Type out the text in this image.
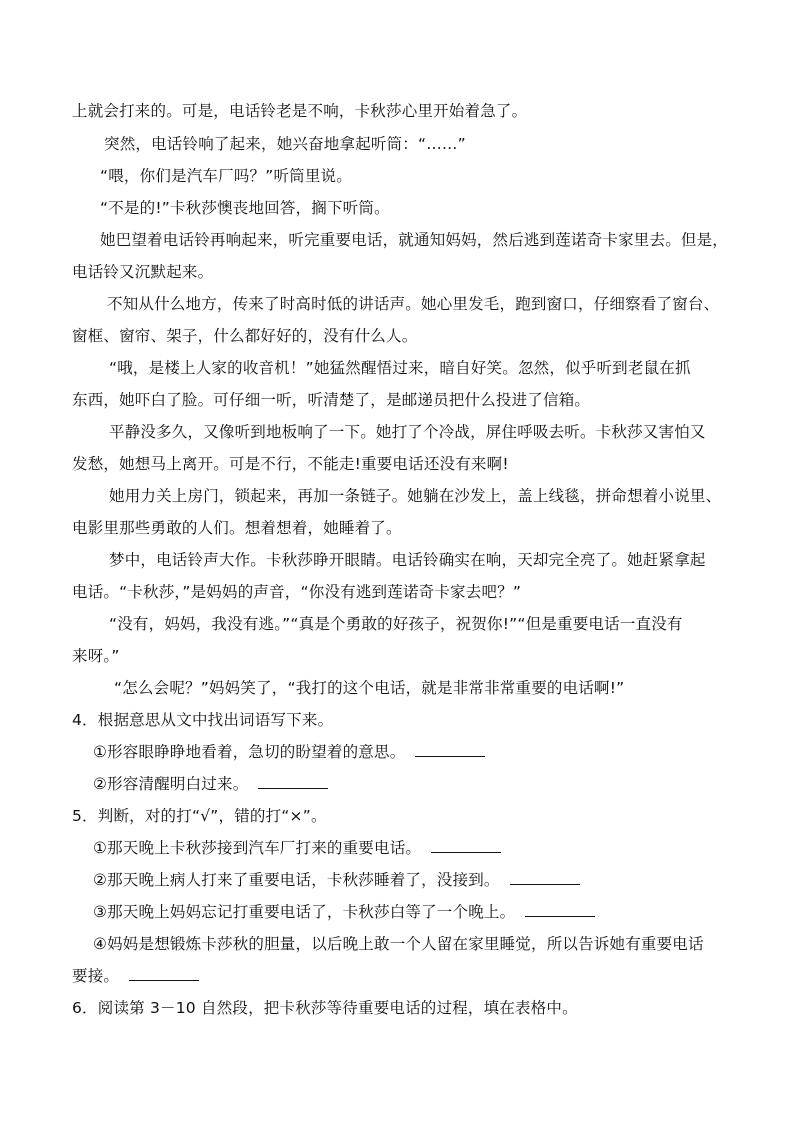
上就会打来的。可是，电话铃老是不响，卡秋莎心里开始着急了。
突然，电话铃响了起来，她兴奋地拿起听筒：“……”
“喂，你们是汽车厂吗？”听筒里说。
“不是的!”卡秋莎懊丧地回答，搁下听筒。
她巴望着电话铃再响起来，听完重要电话，就通知妈妈，然后逃到莲诺奇卡家里去。但是，
电话铃又沉默起来。
不知从什么地方，传来了时高时低的讲话声。她心里发毛，跑到窗口，仔细察看了窗台、
窗框、窗帘、架子，什么都好好的，没有什么人。
“哦，是楼上人家的收音机！”她猛然醒悟过来，暗自好笑。忽然，似乎听到老鼠在抓
东西，她吓白了脸。可仔细一听，听清楚了，是邮递员把什么投进了信箱。
平静没多久，又像听到地板响了一下。她打了个冷战，屏住呼吸去听。卡秋莎又害怕又
发愁，她想马上离开。可是不行，不能走!重要电话还没有来啊!
她用力关上房门，锁起来，再加一条链子。她躺在沙发上，盖上线毯，拼命想着小说里、
电影里那些勇敢的人们。想着想着，她睡着了。
梦中，电话铃声大作。卡秋莎睁开眼睛。电话铃确实在响，天却完全亮了。她赶紧拿起
电话。“卡秋莎，”是妈妈的声音，“你没有逃到莲诺奇卡家去吧？”
“没有，妈妈，我没有逃。”“真是个勇敢的好孩子，祝贺你!”“但是重要电话一直没有
来呀。”
“怎么会呢？”妈妈笑了，“我打的这个电话，就是非常非常重要的电话啊!”
4．根据意思从文中找出词语写下来。
①形容眼睁睁地看着，急切的盼望着的意思。
②形容清醒明白过来。
5．判断，对的打“√”，错的打“×”。
①那天晚上卡秋莎接到汽车厂打来的重要电话。
②那天晚上病人打来了重要电话，卡秋莎睡着了，没接到。
③那天晚上妈妈忘记打重要电话了，卡秋莎白等了一个晚上。
④妈妈是想锻炼卡莎秋的胆量，以后晚上敢一个人留在家里睡觉，所以告诉她有重要电话
要接。
6．阅读第 3－10 自然段，把卡秋莎等待重要电话的过程，填在表格中。
